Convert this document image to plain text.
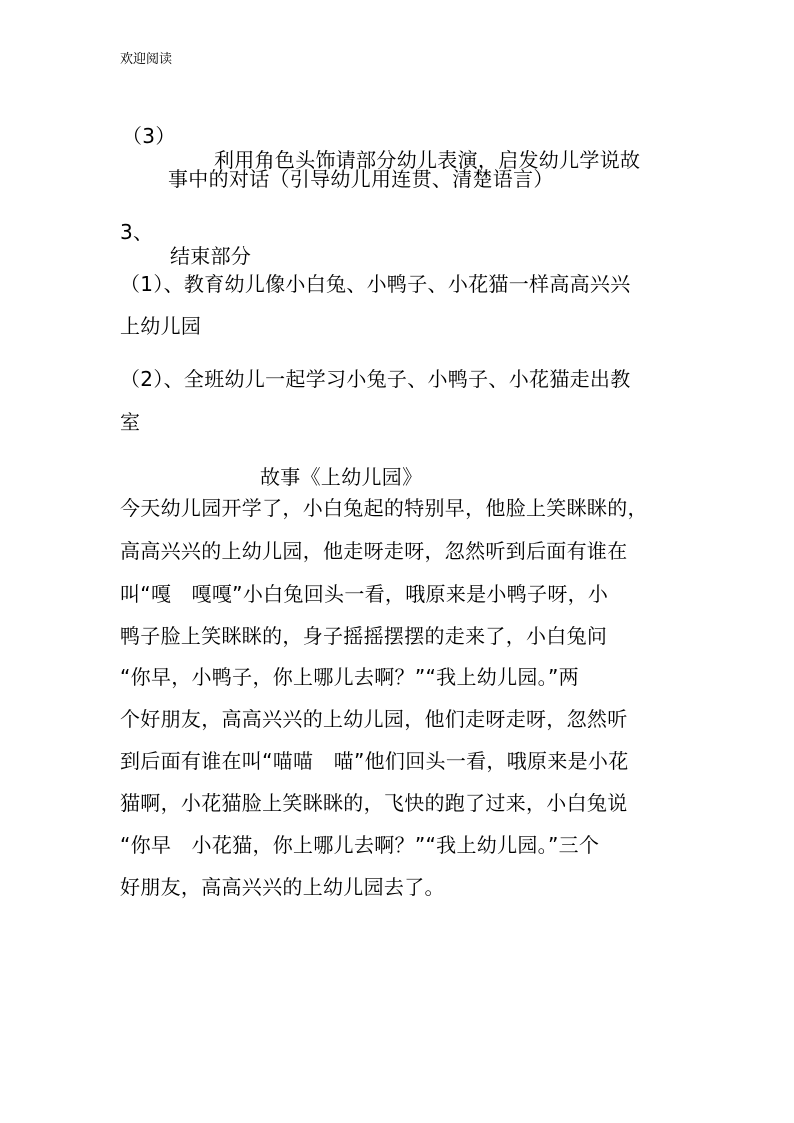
欢迎阅读

（3）

利用角色头饰请部分幼儿表演，启发幼儿学说故

事中的对话（引导幼儿用连贯、清楚语言）

3、

结束部分

（1）、教育幼儿像小白兔、小鸭子、小花猫一样高高兴兴

上幼儿园

（2）、全班幼儿一起学习小兔子、小鸭子、小花猫走出教

室

故事《上幼儿园》

今天幼儿园开学了，小白兔起的特别早，他脸上笑眯眯的，
高高兴兴的上幼儿园，他走呀走呀，忽然听到后面有谁在
叫“嘎　嘎嘎”小白兔回头一看，哦原来是小鸭子呀，小
鸭子脸上笑眯眯的，身子摇摇摆摆的走来了，小白兔问
“你早，小鸭子，你上哪儿去啊？”“我上幼儿园。”两
个好朋友，高高兴兴的上幼儿园，他们走呀走呀，忽然听
到后面有谁在叫“喵喵　喵”他们回头一看，哦原来是小花
猫啊，小花猫脸上笑眯眯的，飞快的跑了过来，小白兔说
“你早　小花猫，你上哪儿去啊？”“我上幼儿园。”三个
好朋友，高高兴兴的上幼儿园去了。
